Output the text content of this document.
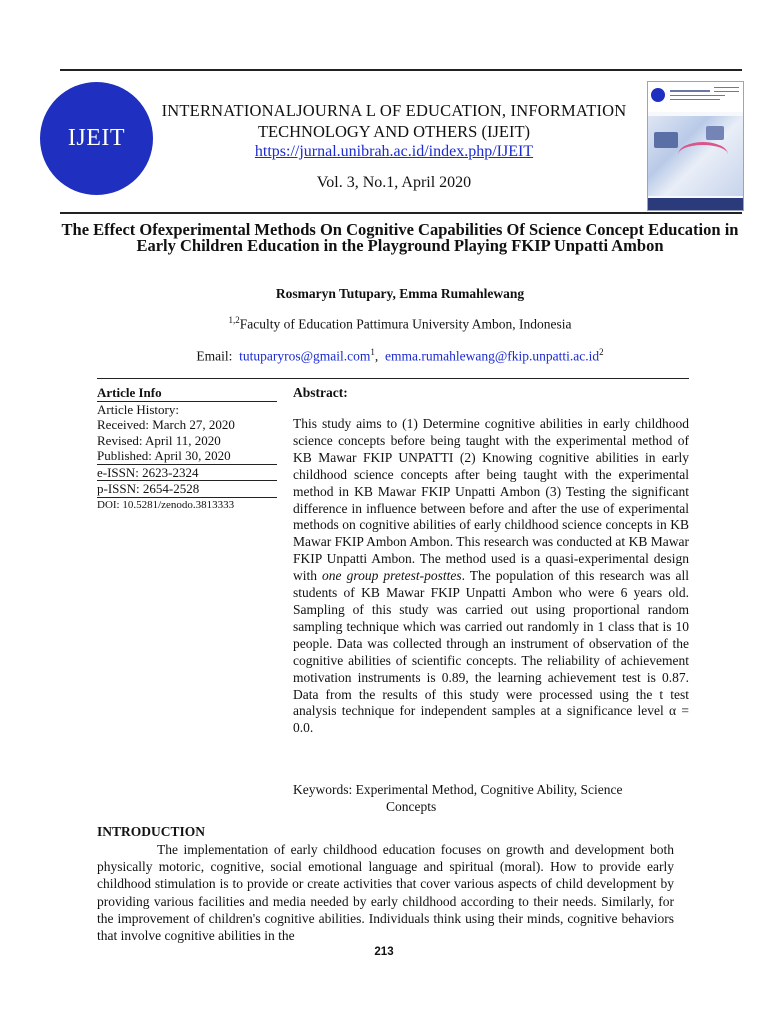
IJEIT
INTERNATIONALJOURNA L OF EDUCATION, INFORMATION
TECHNOLOGY AND OTHERS (IJEIT)
https://jurnal.unibrah.ac.id/index.php/IJEIT
Vol. 3, No.1, April 2020
The Effect Ofexperimental Methods On Cognitive Capabilities Of Science Concept Education in Early Children Education in the Playground Playing FKIP Unpatti Ambon
Rosmaryn Tutupary, Emma Rumahlewang
$^{1,2}$Faculty of Education Pattimura University Ambon, Indonesia
Email: tutuparyros@gmail.com$^1$, $emma.rumahlewang@fkip.unpatti.ac.id^2$
Article Info
Article History:
Received: March 27, 2020
Revised: April 11, 2020
Published: April 30, 2020
e-ISSN: 2623-2324
p-ISSN: 2654-2528
DOI: 10.5281/zenodo.3813333
Abstract:
This study aims to (1) Determine cognitive abilities in early childhood science concepts before being taught with the experimental method of KB Mawar FKIP UNPATTI (2) Knowing cognitive abilities in early childhood science concepts after being taught with the experimental method in KB Mawar FKIP Unpatti Ambon (3) Testing the significant difference in influence between before and after the use of experimental methods on cognitive abilities of early childhood science concepts in KB Mawar FKIP Ambon Ambon. This research was conducted at KB Mawar FKIP Unpatti Ambon. The method used is a quasi-experimental design with one group pretest-posttes. The population of this research was all students of KB Mawar FKIP Unpatti Ambon who were 6 years old. Sampling of this study was carried out using proportional random sampling technique which was carried out randomly in 1 class that is 10 people. Data was collected through an instrument of observation of the cognitive abilities of scientific concepts. The reliability of achievement motivation instruments is 0.89, the learning achievement test is 0.87. Data from the results of this study were processed using the t test analysis technique for independent samples at a significance level α = 0.0.
Keywords: Experimental Method, Cognitive Ability, Science
Concepts
INTRODUCTION
The implementation of early childhood education focuses on growth and development both physically motoric, cognitive, social emotional language and spiritual (moral). How to provide early childhood stimulation is to provide or create activities that cover various aspects of child development by providing various facilities and media needed by early childhood according to their needs. Similarly, for the improvement of children's cognitive abilities. Individuals think using their minds, cognitive behaviors that involve cognitive abilities in the
213
